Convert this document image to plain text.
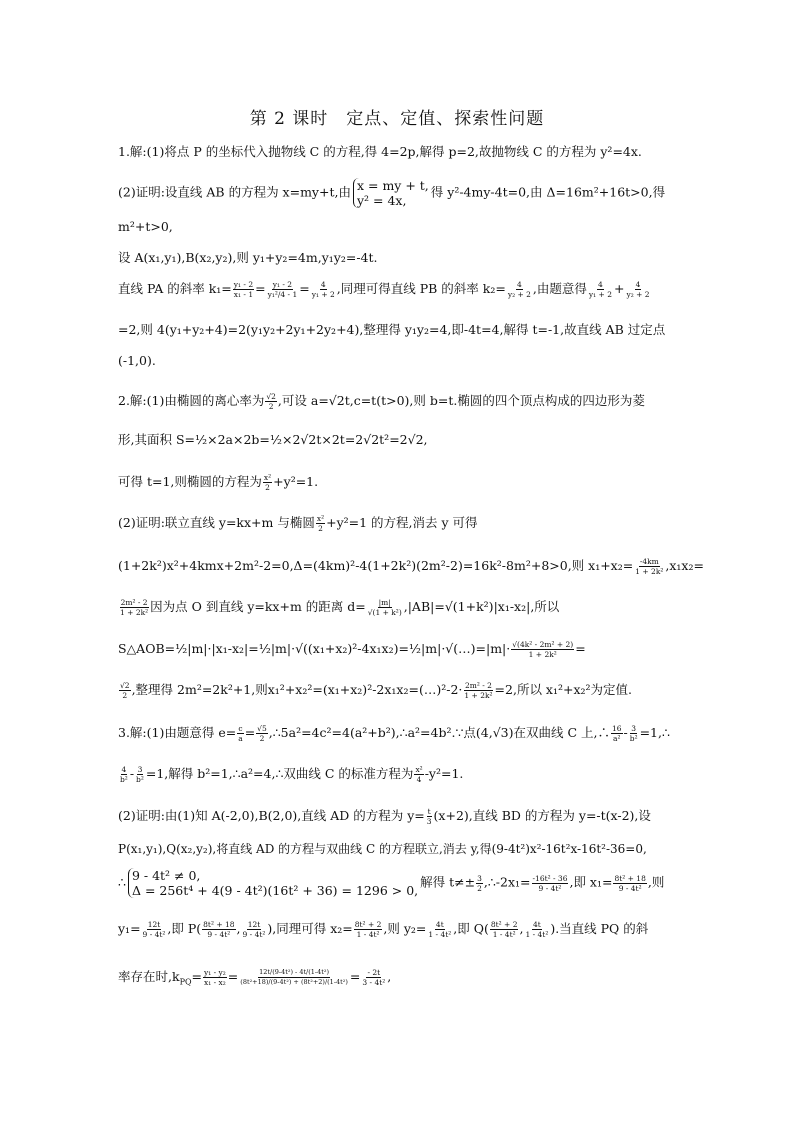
第 2 课时　定点、定值、探索性问题
1.解:(1)将点 P 的坐标代入抛物线 C 的方程,得 4=2p,解得 p=2,故抛物线 C 的方程为 y²=4x.
(2)证明:设直线 AB 的方程为 x=my+t,由 x = my + t,
y² = 4x,得 y²-4my-4t=0,由 Δ=16m²+16t>0,得
m²+t>0,
设 A(x₁,y₁),B(x₂,y₂),则 y₁+y₂=4m,y₁y₂=-4t.
直线 PA 的斜率 $k_1= \frac{\text{y₁ - 2}}{\text{x₁ - 1}} = \frac{\text{y₁ - 2}}{\text{y₁²/4 - 1}} = \frac{4}{\text{y₁ + 2}}$ ,同理可得直线 PB 的斜率 $k_2= \frac{4}{\text{y₂ + 2}}$ ,由题意得 $\frac{4}{\text{y₁ + 2}} + \frac{4}{\text{y₂ + 2}}$
=2,则 4(y₁+y₂+4)=2(y₁y₂+2y₁+2y₂+4),整理得 y₁y₂=4,即-4t=4,解得 t=-1,故直线 AB 过定点
(-1,0).
2.解:(1)由椭圆的离心率为 $\frac{√2}{2}$ ,可设 a=√2t,c=t(t>0),则 b=t.椭圆的四个顶点构成的四边形为菱
形,其面积 S=½×2a×2b=½×2√2t×2t=2√2t²=2√2,
可得 t=1,则椭圆的方程为 $\frac{\text{x²}}{2} +y^2=1$.
(2)证明:联立直线 y=kx+m 与椭圆 $\frac{\text{x²}}{2} +y^2=1$ 的方程,消去 y 可得
(1+2k²)x²+4kmx+2m²-2=0,Δ=(4km)²-4(1+2k²)(2m²-2)=16k²-8m²+8>0,则 $x_1+x_2= \frac{-4km}{\text{1 + 2k²}} ,x_1x_2=$
$\frac{\text{2m² - 2}}{\text{1 + 2k²}}$ 因为点 O 到直线 y=kx+m 的距离 $d= \frac{|m|}{\text{√(1 + k²)}} ,|AB|=√(1+k^2)|x_1-x_2|$,所以
S△AOB=½|m|·|x₁-x₂|=½|m|·√((x₁+x₂)²-4x₁x₂)=½|m|·√(…)=|m|· $\frac{\text{√(4k² - 2m² + 2)}}{\text{1 + 2k²}}$ =
$\frac{√2}{2}$ ,整理得 2m²=2k²+1,则x₁²+x₂²=(x₁+x₂)²-2x₁x₂=(…)²-2· $\frac{\text{2m² - 2}}{\text{1 + 2k²}} =2$,所以 x₁²+x₂²为定值.
3.解:(1)由题意得 $e= \frac{c}{a} = \frac{√5}{2}$ ,∴5a²=4c²=4(a²+b²),∴a²=4b².∵点(4,√3)在双曲线 C 上,∴ $\frac{16}{\text{a²}} - \frac{3}{\text{b²}}$ =1,∴
$\frac{4}{\text{b²}} - \frac{3}{\text{b²}} =1$,解得 b²=1,∴a²=4,∴双曲线 C 的标准方程为 $\frac{\text{x²}}{4} -y^2=1$.
(2)证明:由(1)知 A(-2,0),B(2,0),直线 AD 的方程为 $y= \frac{t}{3} (x+2)$,直线 BD 的方程为 y=-t(x-2),设
P(x₁,y₁),Q(x₂,y₂),将直线 AD 的方程与双曲线 C 的方程联立,消去 y,得(9-4t²)x²-16t²x-16t²-36=0,
∴ 9 - 4t² ≠ 0,
Δ = 256t⁴ + 4(9 - 4t²)(16t² + 36) = 1296 > 0,解得 $t\ne\pm \frac{3}{2}$ ,∴-2x₁= $\frac{\text{-16t² - 36}}{\text{9 - 4t²}}$ ,即 $x_1= \frac{\text{8t² + 18}}{\text{9 - 4t²}}$ ,则
$y_1= \frac{12t}{\text{9 - 4t²}}$ ,即 $P( \frac{\text{8t² + 18}}{\text{9 - 4t²}}$ , $\frac{12t}{\text{9 - 4t²}}$ ),同理可得 $x_2= \frac{\text{8t² + 2}}{\text{1 - 4t²}}$ ,则 $y_2= \frac{4t}{\text{1 - 4t²}}$ ,即 $Q( \frac{\text{8t² + 2}}{\text{1 - 4t²}}$ , $\frac{4t}{\text{1 - 4t²}}$ ).当直线 PQ 的斜
率存在时$,k_{PQ}= \frac{\text{y₁ - y₂}}{\text{x₁ - x₂}} = \frac{\text{12t/(9-4t²) - 4t/(1-4t²)}}{\text{(8t²+18)/(9-4t²) + (8t²+2)/(1-4t²)}} = \frac{- 2t}{\text{3 - 4t²}}$ ,
